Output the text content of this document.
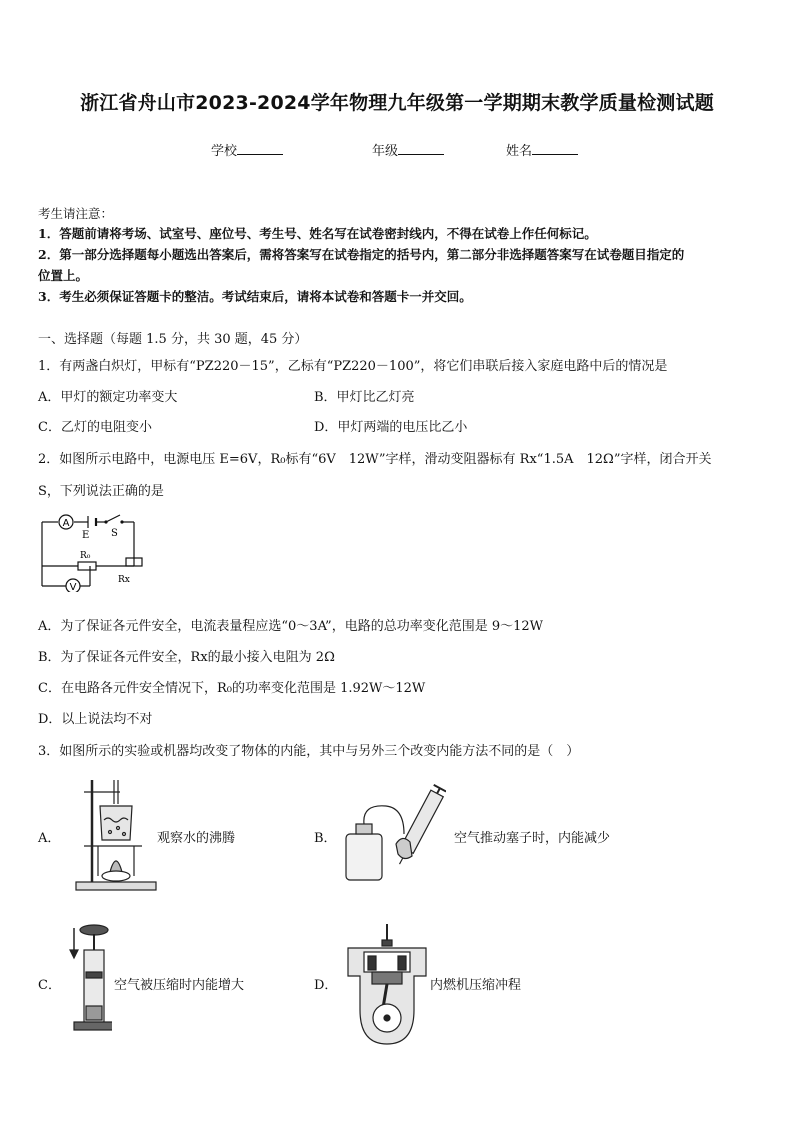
浙江省舟山市2023-2024学年物理九年级第一学期期末教学质量检测试题
学校	年级	姓名
考生请注意：
1．答题前请将考场、试室号、座位号、考生号、姓名写在试卷密封线内，不得在试卷上作任何标记。
2．第一部分选择题每小题选出答案后，需将答案写在试卷指定的括号内，第二部分非选择题答案写在试卷题目指定的
位置上。
3．考生必须保证答题卡的整洁。考试结束后，请将本试卷和答题卡一并交回。
一、选择题（每题 1.5 分，共 30 题，45 分）
1．有两盏白炽灯，甲标有“PZ220－15”，乙标有“PZ220－100”，将它们串联后接入家庭电路中后的情况是
A．甲灯的额定功率变大	B．甲灯比乙灯亮
C．乙灯的电阻变小	D．甲灯两端的电压比乙小
2．如图所示电路中，电源电压 E=6V，R₀标有“6V　12W”字样，滑动变阻器标有 Rx“1.5A　12Ω”字样，闭合开关
S，下列说法正确的是
A
V
E S
R₀
Rx
A．为了保证各元件安全，电流表量程应选“0～3A”，电路的总功率变化范围是 9～12W
B．为了保证各元件安全，Rx的最小接入电阻为 2Ω
C．在电路各元件安全情况下，R₀的功率变化范围是 1.92W～12W
D．以上说法均不对
3．如图所示的实验或机器均改变了物体的内能，其中与另外三个改变内能方法不同的是（　）
A．	观察水的沸腾	B．	空气推动塞子时，内能减少
C．	空气被压缩时内能增大	D．	内燃机压缩冲程
